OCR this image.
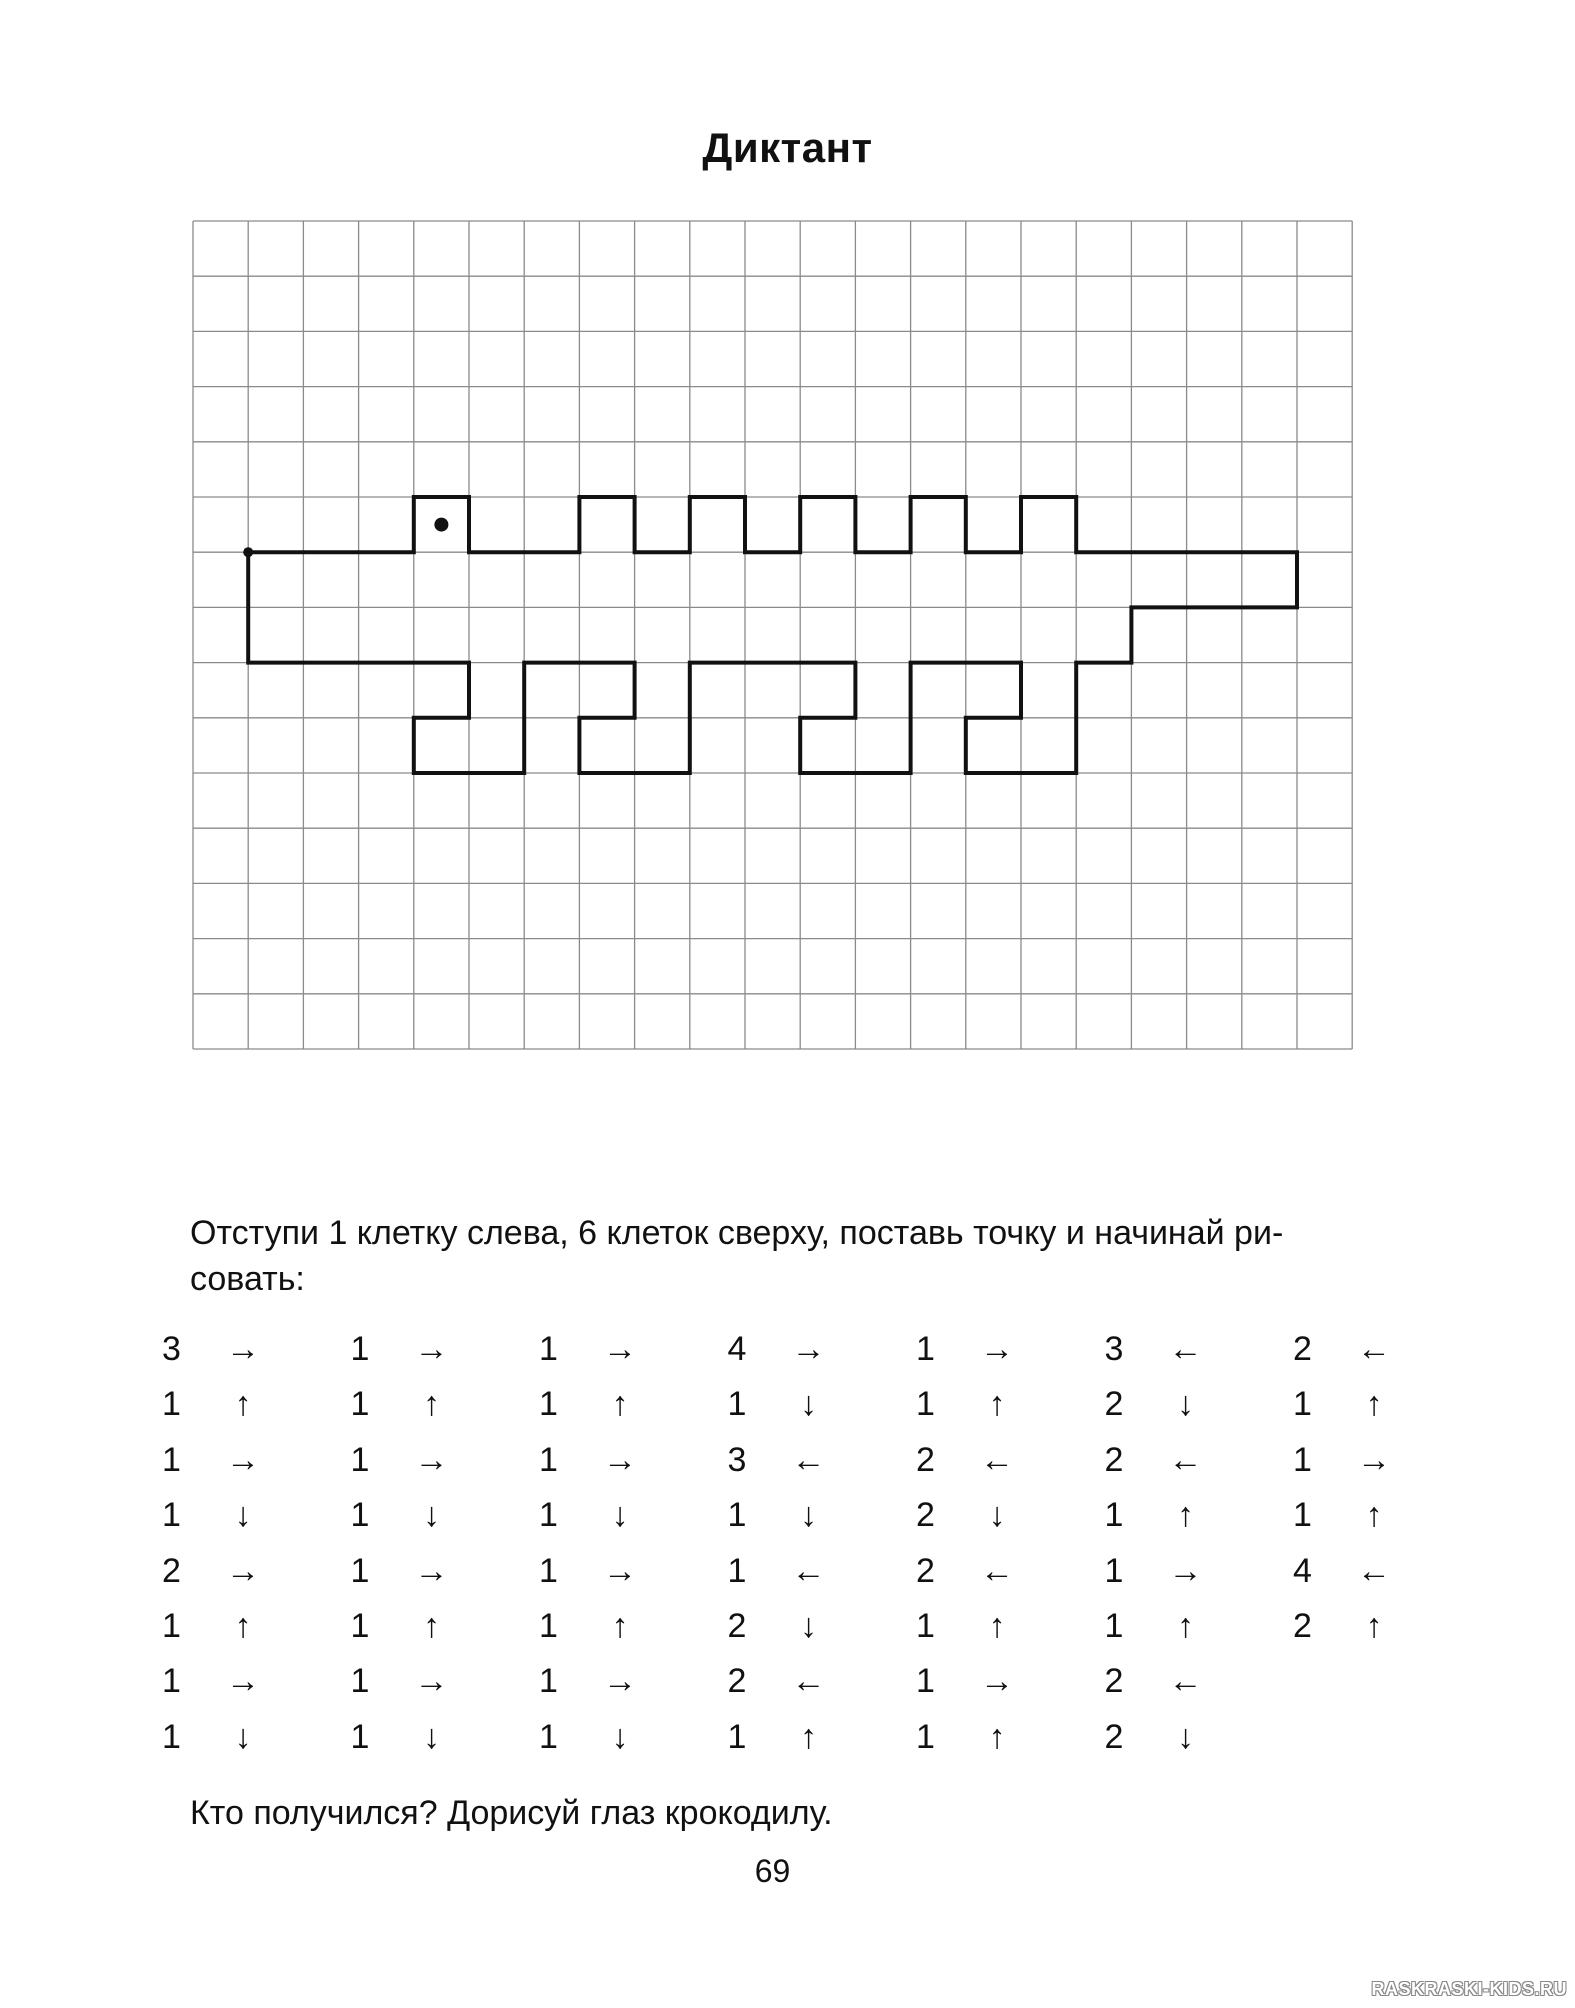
Диктант
Отступи 1 клетку слева, 6 клеток сверху, поставь точку и начинай ри-
совать:
3	→
1	↑
1	→
1	↓
2	→
1	↑
1	→
1	↓
1	→
1	↑
1	→
1	↓
1	→
1	↑
1	→
1	↓
1	→
1	↑
1	→
1	↓
1	→
1	↑
1	→
1	↓
4	→
1	↓
3	←
1	↓
1	←
2	↓
2	←
1	↑
1	→
1	↑
2	←
2	↓
2	←
1	↑
1	→
1	↑
3	←
2	↓
2	←
1	↑
1	→
1	↑
2	←
2	↓
2	←
1	↑
1	→
1	↑
4	←
2	↑
Кто получился? Дорисуй глаз крокодилу.
69
RASKRASKI-KIDS.RU
